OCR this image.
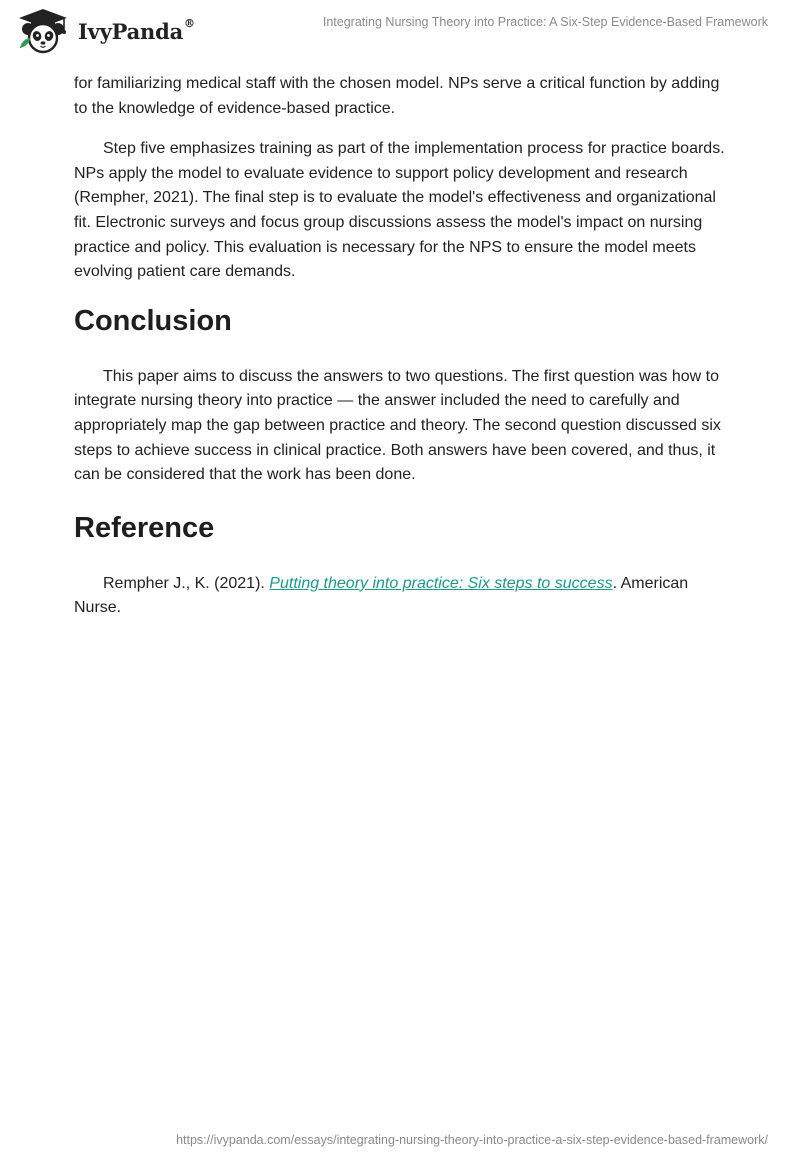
IvyPanda®	Integrating Nursing Theory into Practice: A Six-Step Evidence-Based Framework

for familiarizing medical staff with the chosen model. NPs serve a critical function by adding to the knowledge of evidence-based practice.

Step five emphasizes training as part of the implementation process for practice boards. NPs apply the model to evaluate evidence to support policy development and research (Rempher, 2021). The final step is to evaluate the model's effectiveness and organizational fit. Electronic surveys and focus group discussions assess the model's impact on nursing practice and policy. This evaluation is necessary for the NPS to ensure the model meets evolving patient care demands.

Conclusion

This paper aims to discuss the answers to two questions. The first question was how to integrate nursing theory into practice — the answer included the need to carefully and appropriately map the gap between practice and theory. The second question discussed six steps to achieve success in clinical practice. Both answers have been covered, and thus, it can be considered that the work has been done.

Reference

Rempher J., K. (2021). Putting theory into practice: Six steps to success. American Nurse.

https://ivypanda.com/essays/integrating-nursing-theory-into-practice-a-six-step-evidence-based-framework/
